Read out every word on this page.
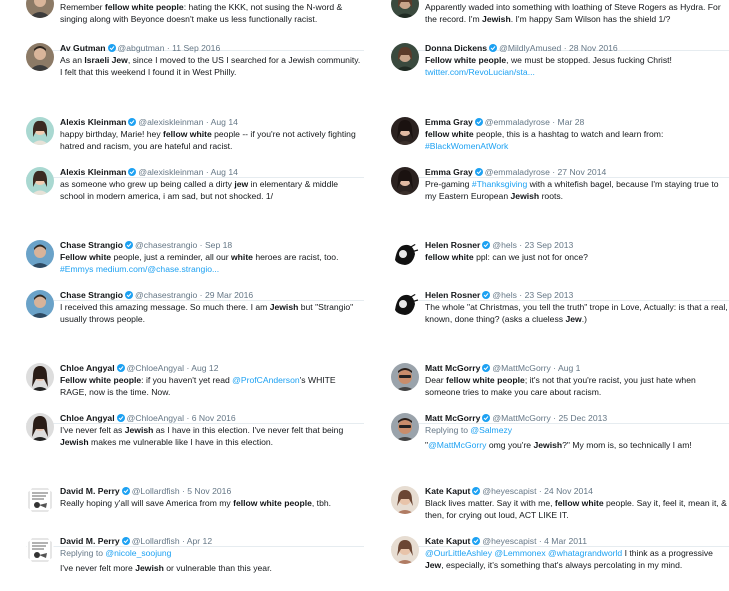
Remember fellow white people: hating the KKK, not susing the N-word & singing along with Beyonce doesn't make us less functionally racist.
Av Gutman @abgutman · 11 Sep 2016
As an Israeli Jew, since I moved to the US I searched for a Jewish community. I felt that this weekend I found it in West Philly.
Alexis Kleinman @alexiskleinman · Aug 14
happy birthday, Marie! hey fellow white people -- if you're not actively fighting hatred and racism, you are hateful and racist.
Alexis Kleinman @alexiskleinman · Aug 14
as someone who grew up being called a dirty jew in elementary & middle school in modern america, i am sad, but not shocked. 1/
Chase Strangio @chasestrangio · Sep 18
Fellow white people, just a reminder, all our white heroes are racist, too. #Emmys medium.com/@chase.strangio...
Chase Strangio @chasestrangio · 29 Mar 2016
I received this amazing message. So much there. I am Jewish but "Strangio" usually throws people.
Chloe Angyal @ChloeAngyal · Aug 12
Fellow white people: if you haven't yet read @ProfCAnderson's WHITE RAGE, now is the time. Now.
Chloe Angyal @ChloeAngyal · 6 Nov 2016
I've never felt as Jewish as I have in this election. I've never felt that being Jewish makes me vulnerable like I have in this election.
David M. Perry @Lollardfish · 5 Nov 2016
Really hoping y'all will save America from my fellow white people, tbh.
David M. Perry @Lollardfish · Apr 12
Replying to @nicole_soojung
I've never felt more Jewish or vulnerable than this year.
Apparently waded into something with loathing of Steve Rogers as Hydra. For the record. I'm Jewish. I'm happy Sam Wilson has the shield 1/?
Donna Dickens @MildlyAmused · 28 Nov 2016
Fellow white people, we must be stopped. Jesus fucking Christ! twitter.com/RevoLucian/sta...
Emma Gray @emmaladyrose · Mar 28
fellow white people, this is a hashtag to watch and learn from: #BlackWomenAtWork
Emma Gray @emmaladyrose · 27 Nov 2014
Pre-gaming #Thanksgiving with a whitefish bagel, because I'm staying true to my Eastern European Jewish roots.
Helen Rosner @hels · 23 Sep 2013
fellow white ppl: can we just not for once?
Helen Rosner @hels · 23 Sep 2013
The whole "at Christmas, you tell the truth" trope in Love, Actually: is that a real, known, done thing? (asks a clueless Jew.)
Matt McGorry @MattMcGorry · Aug 1
Dear fellow white people; it's not that you're racist, you just hate when someone tries to make you care about racism.
Matt McGorry @MattMcGorry · 25 Dec 2013
Replying to @Salmezy
"@MattMcGorry omg you're Jewish?" My mom is, so technically I am!
Kate Kaput @heyescapist · 24 Nov 2014
Black lives matter. Say it with me, fellow white people. Say it, feel it, mean it, & then, for crying out loud, ACT LIKE IT.
Kate Kaput @heyescapist · 4 Mar 2011
@OurLittleAshley @Lemmonex @whatagrandworld I think as a progressive Jew, especially, it's something that's always percolating in my mind.
